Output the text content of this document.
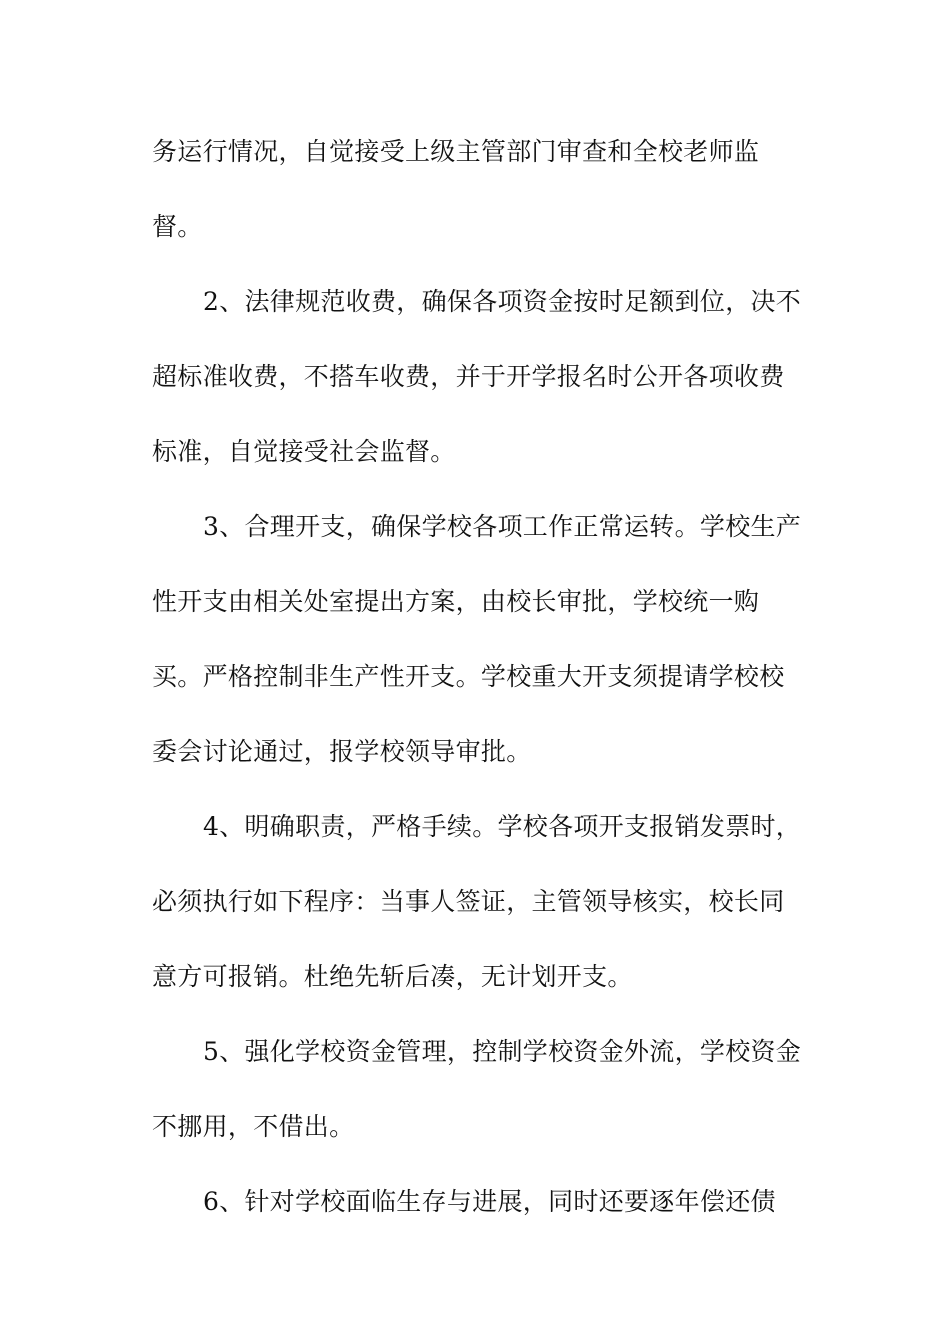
务运行情况，自觉接受上级主管部门审查和全校老师监
督。
2、法律规范收费，确保各项资金按时足额到位，决不
超标准收费，不搭车收费，并于开学报名时公开各项收费
标准，自觉接受社会监督。
3、合理开支，确保学校各项工作正常运转。学校生产
性开支由相关处室提出方案，由校长审批，学校统一购
买。严格控制非生产性开支。学校重大开支须提请学校校
委会讨论通过，报学校领导审批。
4、明确职责，严格手续。学校各项开支报销发票时，
必须执行如下程序：当事人签证，主管领导核实，校长同
意方可报销。杜绝先斩后凑，无计划开支。
5、强化学校资金管理，控制学校资金外流，学校资金
不挪用，不借出。
6、针对学校面临生存与进展，同时还要逐年偿还债
